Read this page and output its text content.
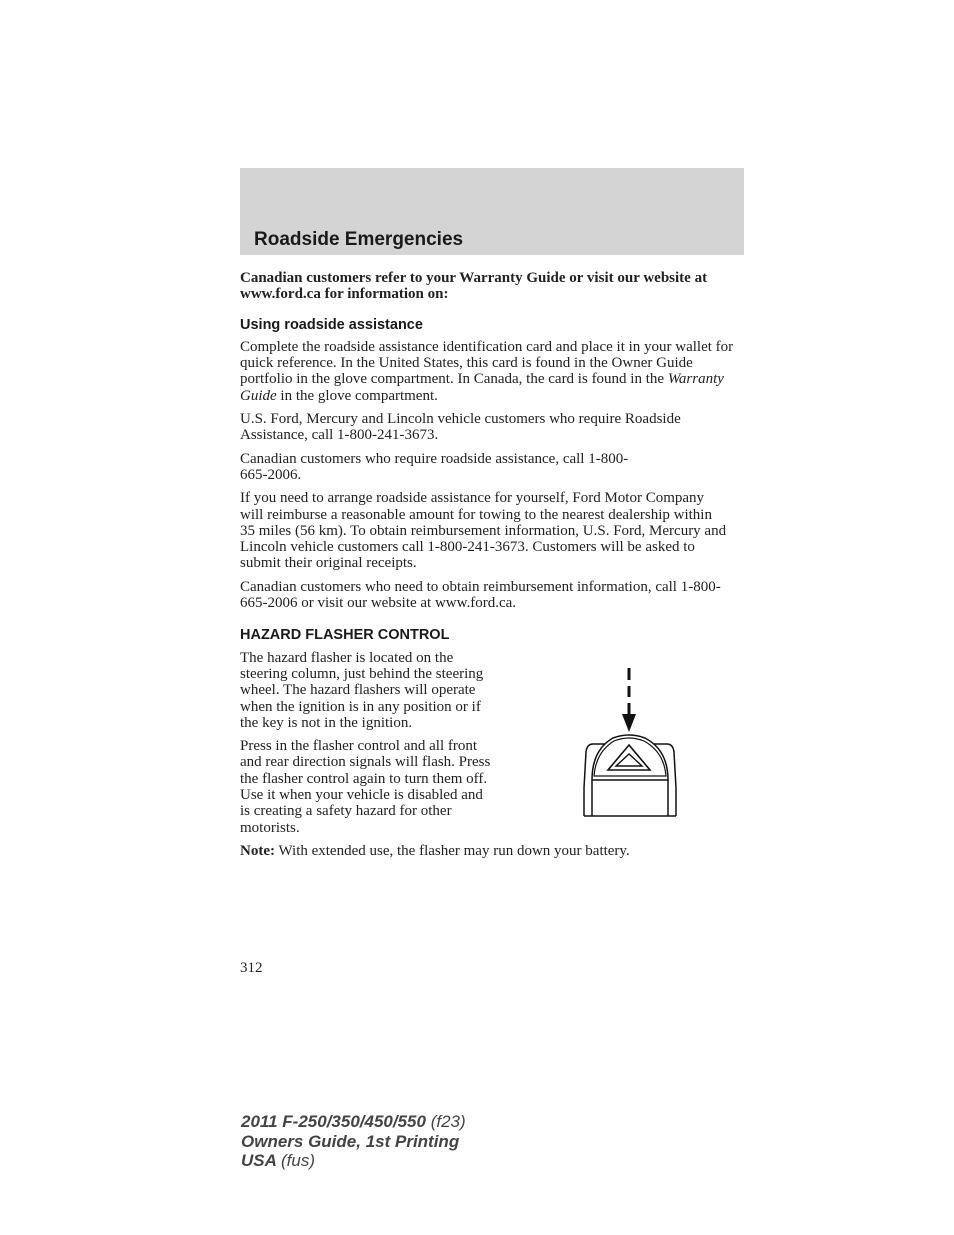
Roadside Emergencies

Canadian customers refer to your Warranty Guide or visit our website at www.ford.ca for information on:

Using roadside assistance

Complete the roadside assistance identification card and place it in your wallet for quick reference. In the United States, this card is found in the Owner Guide portfolio in the glove compartment. In Canada, the card is found in the Warranty Guide in the glove compartment.

U.S. Ford, Mercury and Lincoln vehicle customers who require Roadside Assistance, call 1-800-241-3673.

Canadian customers who require roadside assistance, call 1-800-665-2006.

If you need to arrange roadside assistance for yourself, Ford Motor Company will reimburse a reasonable amount for towing to the nearest dealership within 35 miles (56 km). To obtain reimbursement information, U.S. Ford, Mercury and Lincoln vehicle customers call 1-800-241-3673. Customers will be asked to submit their original receipts.

Canadian customers who need to obtain reimbursement information, call 1-800-665-2006 or visit our website at www.ford.ca.

HAZARD FLASHER CONTROL

The hazard flasher is located on the steering column, just behind the steering wheel. The hazard flashers will operate when the ignition is in any position or if the key is not in the ignition.

Press in the flasher control and all front and rear direction signals will flash. Press the flasher control again to turn them off. Use it when your vehicle is disabled and is creating a safety hazard for other motorists.

Note: With extended use, the flasher may run down your battery.

312
2011 F-250/350/450/550 (f23)
Owners Guide, 1st Printing
USA (fus)
